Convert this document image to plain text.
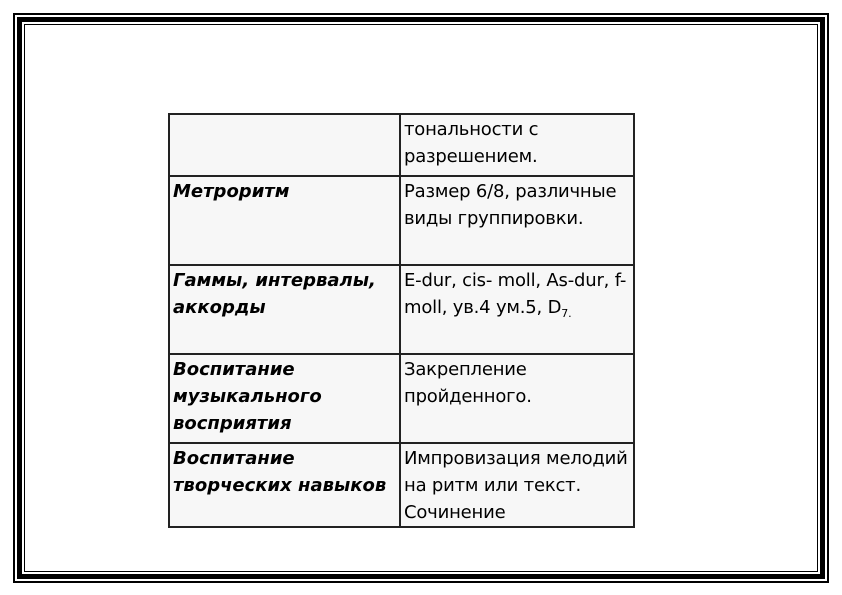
	тональности с разрешением.
Метроритм	Размер 6/8, различные виды группировки.
Гаммы, интервалы, аккорды	E-dur, cis- moll, As-dur, f-moll, ув.4 ум.5, $D_{7.}$
Воспитание музыкального восприятия	Закрепление пройденного.
Воспитание творческих навыков	Импровизация мелодий на ритм или текст. Сочинение
